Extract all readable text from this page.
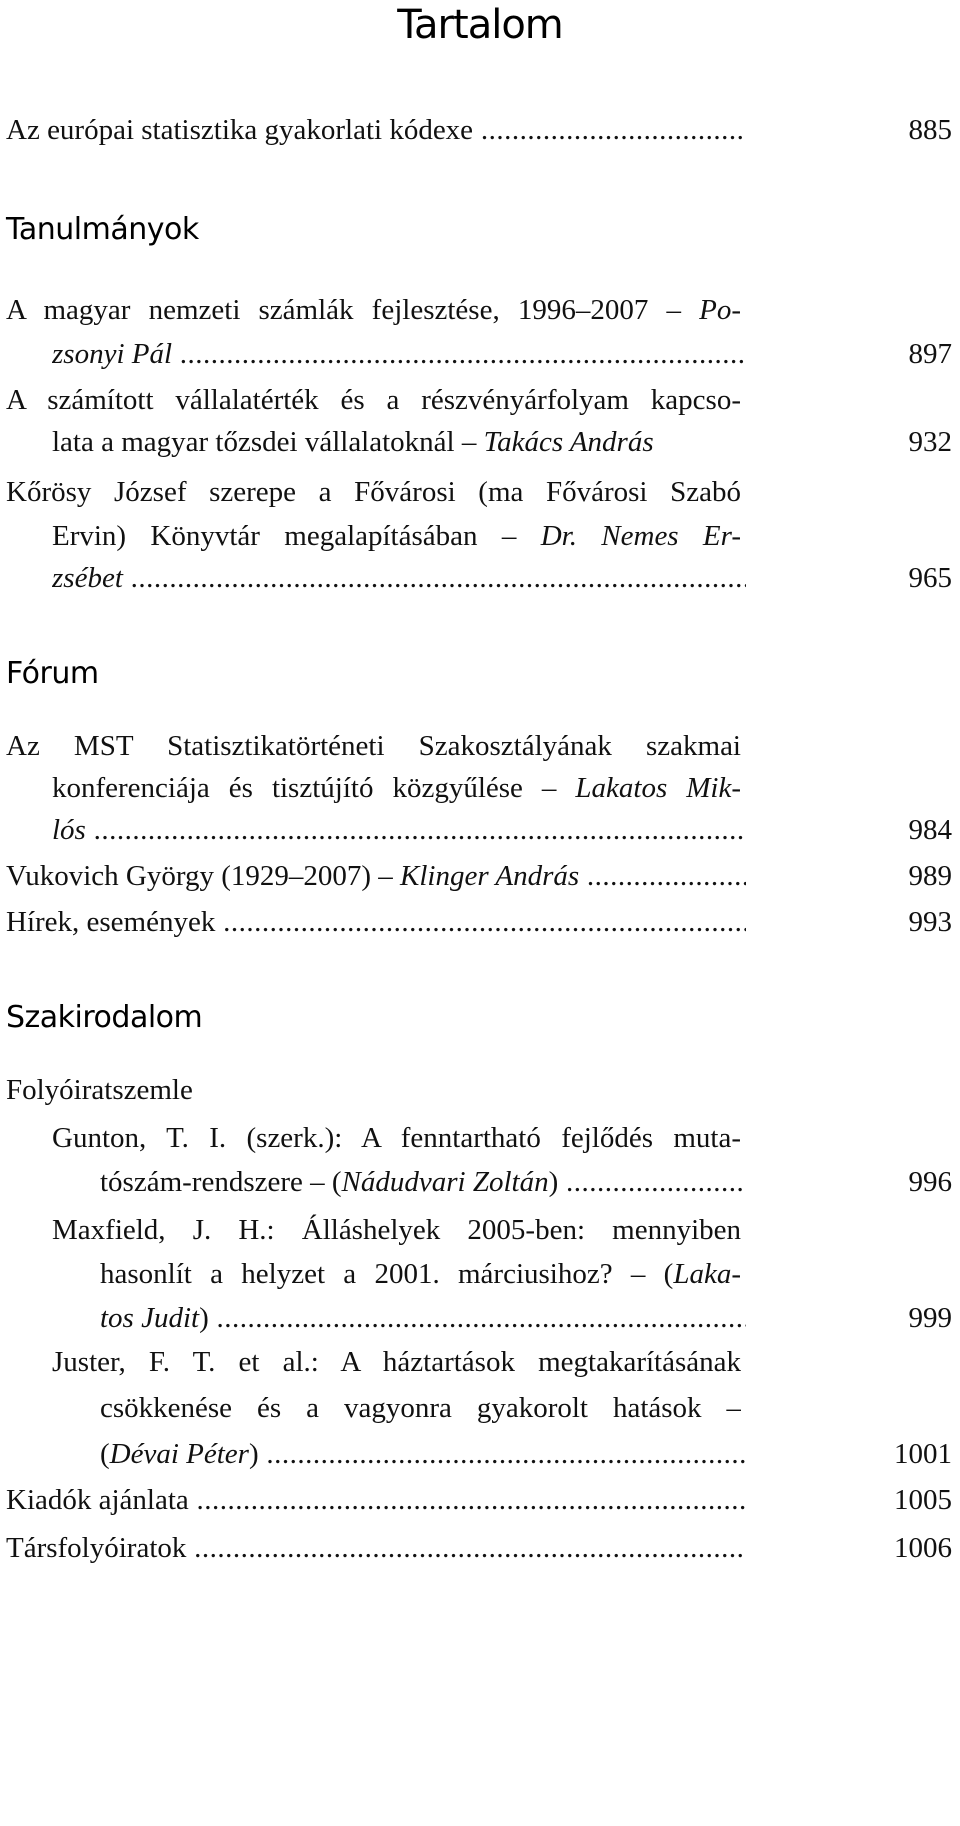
Tartalom
Az európai statisztika gyakorlati kódexe .....	885
Tanulmányok
A magyar nemzeti számlák fejlesztése, 1996–2007 – Po-
zsonyi Pál .....	897
A számított vállalatérték és a részvényárfolyam kapcso-
lata a magyar tőzsdei vállalatoknál – Takács András	932
Kőrösy József szerepe a Fővárosi (ma Fővárosi Szabó
Ervin) Könyvtár megalapításában – Dr. Nemes Er-
zsébet .....	965
Fórum
Az MST Statisztikatörténeti Szakosztályának szakmai
konferenciája és tisztújító közgyűlése – Lakatos Mik-
lós .....	984
Vukovich György (1929–2007) – Klinger András .....	989
Hírek, események .....	993
Szakirodalom
Folyóiratszemle
Gunton, T. I. (szerk.): A fenntartható fejlődés muta-
tószám-rendszere – (Nádudvari Zoltán) .....	996
Maxfield, J. H.: Álláshelyek 2005-ben: mennyiben
hasonlít a helyzet a 2001. márciusihoz? – (Laka-
tos Judit) .....	999
Juster, F. T. et al.: A háztartások megtakarításának
csökkenése és a vagyonra gyakorolt hatások –
(Dévai Péter) .....	1001
Kiadók ajánlata .....	1005
Társfolyóiratok .....	1006
